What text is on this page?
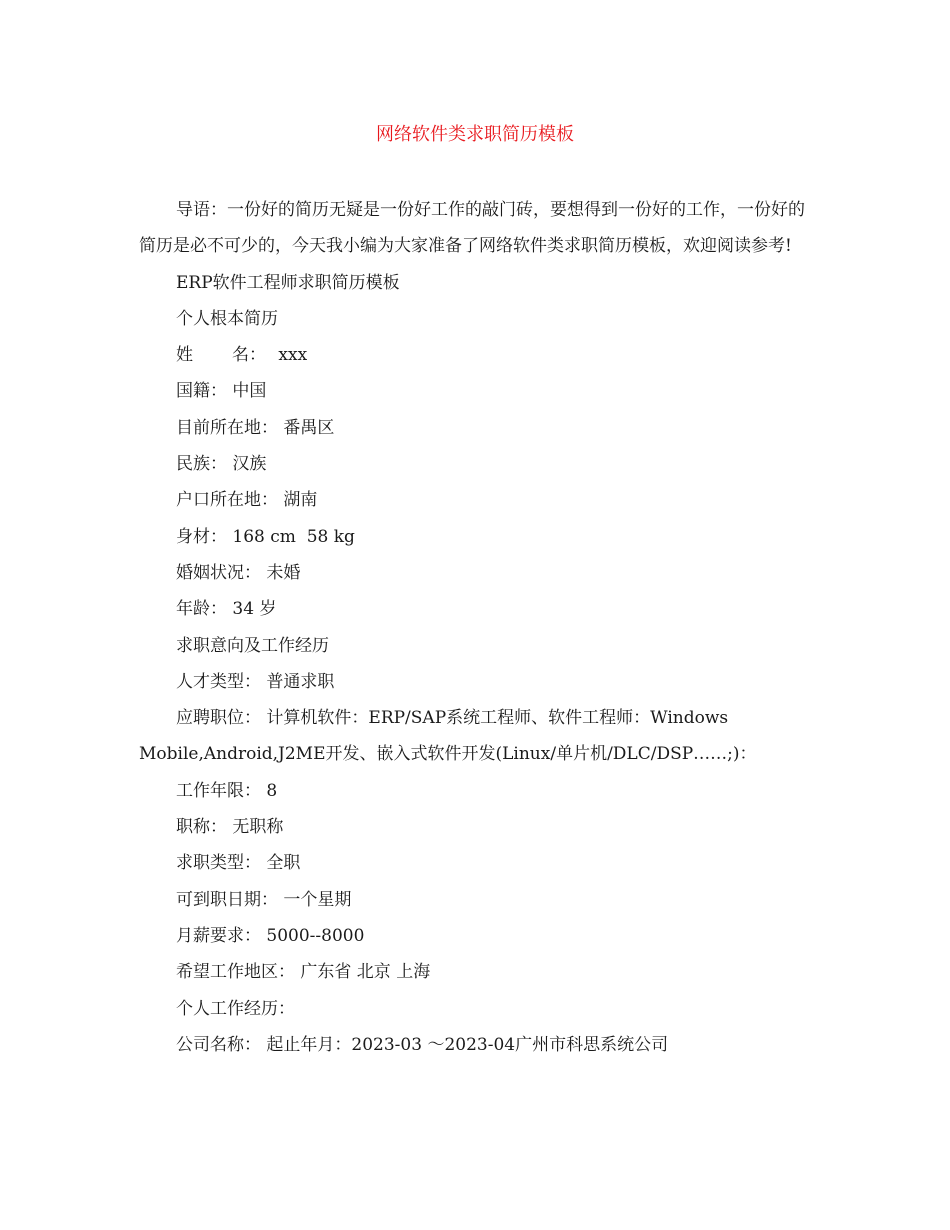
网络软件类求职简历模板

导语：一份好的简历无疑是一份好工作的敲门砖，要想得到一份好的工作，一份好的简历是必不可少的，今天我小编为大家准备了网络软件类求职简历模板，欢迎阅读参考!

ERP软件工程师求职简历模板

个人根本简历

姓 名： xxx

国籍： 中国

目前所在地： 番禺区

民族： 汉族

户口所在地： 湖南

身材： 168 cm  58 kg

婚姻状况： 未婚

年龄： 34 岁

求职意向及工作经历

人才类型： 普通求职

应聘职位： 计算机软件：ERP/SAP系统工程师、软件工程师：Windows

Mobile,Android,J2ME开发、嵌入式软件开发(Linux/单片机/DLC/DSP……;)：

工作年限： 8

职称： 无职称

求职类型： 全职

可到职日期： 一个星期

月薪要求： 5000--8000

希望工作地区： 广东省 北京 上海

个人工作经历：

公司名称： 起止年月：2023-03 ～2023-04广州市科思系统公司
